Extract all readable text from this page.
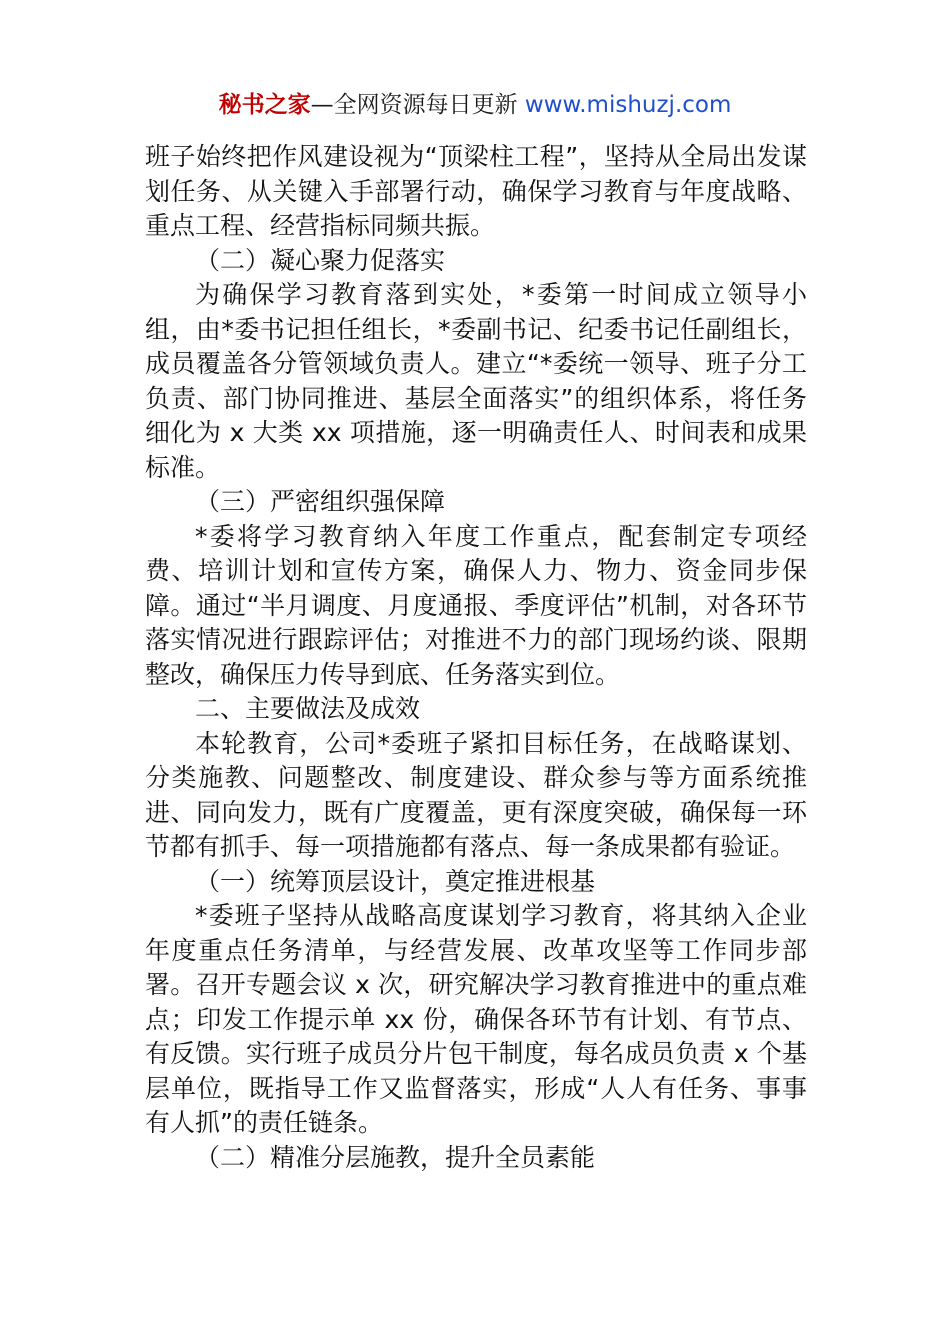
秘书之家—全网资源每日更新 www.mishuzj.com

班子始终把作风建设视为“顶梁柱工程”，坚持从全局出发谋划任务、从关键入手部署行动，确保学习教育与年度战略、重点工程、经营指标同频共振。

（二）凝心聚力促落实

为确保学习教育落到实处，*委第一时间成立领导小组，由*委书记担任组长，*委副书记、纪委书记任副组长，成员覆盖各分管领域负责人。建立“*委统一领导、班子分工负责、部门协同推进、基层全面落实”的组织体系，将任务细化为 x 大类 xx 项措施，逐一明确责任人、时间表和成果标准。

（三）严密组织强保障

*委将学习教育纳入年度工作重点，配套制定专项经费、培训计划和宣传方案，确保人力、物力、资金同步保障。通过“半月调度、月度通报、季度评估”机制，对各环节落实情况进行跟踪评估；对推进不力的部门现场约谈、限期整改，确保压力传导到底、任务落实到位。

二、主要做法及成效

本轮教育，公司*委班子紧扣目标任务，在战略谋划、分类施教、问题整改、制度建设、群众参与等方面系统推进、同向发力，既有广度覆盖，更有深度突破，确保每一环节都有抓手、每一项措施都有落点、每一条成果都有验证。

（一）统筹顶层设计，奠定推进根基

*委班子坚持从战略高度谋划学习教育，将其纳入企业年度重点任务清单，与经营发展、改革攻坚等工作同步部署。召开专题会议 x 次，研究解决学习教育推进中的重点难点；印发工作提示单 xx 份，确保各环节有计划、有节点、有反馈。实行班子成员分片包干制度，每名成员负责 x 个基层单位，既指导工作又监督落实，形成“人人有任务、事事有人抓”的责任链条。

（二）精准分层施教，提升全员素能
